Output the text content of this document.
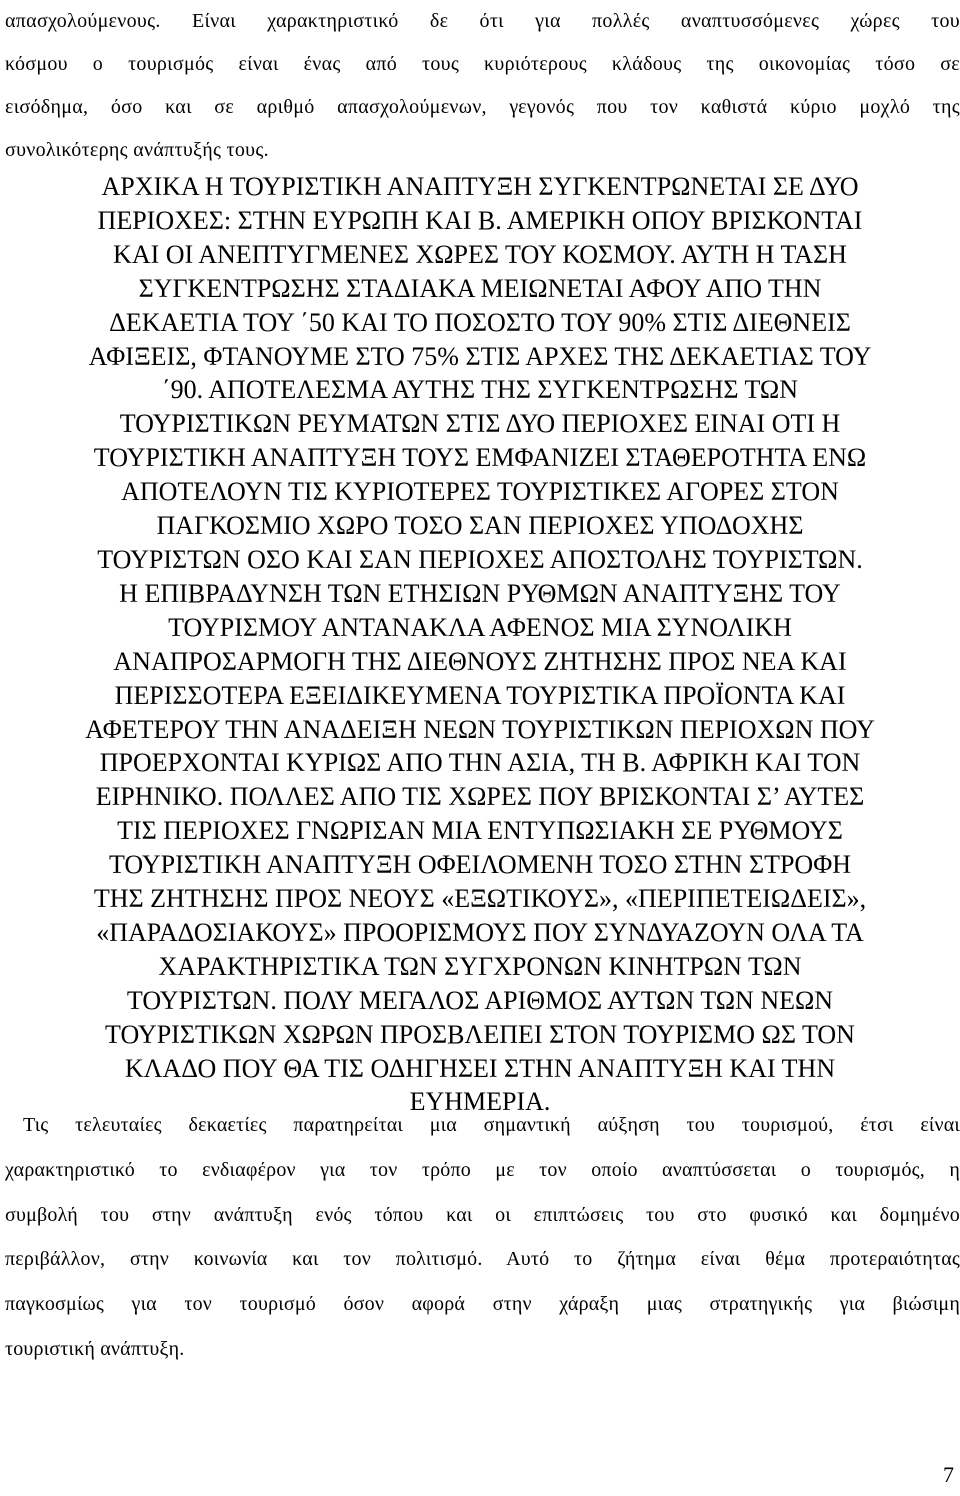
απασχολούμενους. Είναι χαρακτηριστικό δε ότι για πολλές αναπτυσσόμενες χώρες του
κόσμου ο τουρισμός είναι ένας από τους κυριότερους κλάδους της οικονομίας τόσο σε
εισόδημα, όσο και σε αριθμό απασχολούμενων, γεγονός που τον καθιστά κύριο μοχλό της
συνολικότερης ανάπτυξής τους.

ΑΡΧΙΚΑ Η ΤΟΥΡΙΣΤΙΚΗ ΑΝΑΠΤΥΞΗ ΣΥΓΚΕΝΤΡΩΝΕΤΑΙ ΣΕ ΔΥΟ
ΠΕΡΙΟΧΕΣ: ΣΤΗΝ ΕΥΡΩΠΗ ΚΑΙ Β. ΑΜΕΡΙΚΗ ΟΠΟΥ ΒΡΙΣΚΟΝΤΑΙ
ΚΑΙ ΟΙ ΑΝΕΠΤΥΓΜΕΝΕΣ ΧΩΡΕΣ ΤΟΥ ΚΟΣΜΟΥ. ΑΥΤΗ Η ΤΑΣΗ
ΣΥΓΚΕΝΤΡΩΣΗΣ ΣΤΑΔΙΑΚΑ ΜΕΙΩΝΕΤΑΙ ΑΦΟΥ ΑΠΟ ΤΗΝ
ΔΕΚΑΕΤΙΑ ΤΟΥ ΄50 ΚΑΙ ΤΟ ΠΟΣΟΣΤΟ ΤΟΥ 90% ΣΤΙΣ ΔΙΕΘΝΕΙΣ
ΑΦΙΞΕΙΣ, ΦΤΑΝΟΥΜΕ ΣΤΟ 75% ΣΤΙΣ ΑΡΧΕΣ ΤΗΣ ΔΕΚΑΕΤΙΑΣ ΤΟΥ
΄90. ΑΠΟΤΕΛΕΣΜΑ ΑΥΤΗΣ ΤΗΣ ΣΥΓΚΕΝΤΡΩΣΗΣ ΤΩΝ
ΤΟΥΡΙΣΤΙΚΩΝ ΡΕΥΜΑΤΩΝ ΣΤΙΣ ΔΥΟ ΠΕΡΙΟΧΕΣ ΕΙΝΑΙ ΟΤΙ Η
ΤΟΥΡΙΣΤΙΚΗ ΑΝΑΠΤΥΞΗ ΤΟΥΣ ΕΜΦΑΝΙΖΕΙ ΣΤΑΘΕΡΟΤΗΤΑ ΕΝΩ
ΑΠΟΤΕΛΟΥΝ ΤΙΣ ΚΥΡΙΟΤΕΡΕΣ ΤΟΥΡΙΣΤΙΚΕΣ ΑΓΟΡΕΣ ΣΤΟΝ
ΠΑΓΚΟΣΜΙΟ ΧΩΡΟ ΤΟΣΟ ΣΑΝ ΠΕΡΙΟΧΕΣ ΥΠΟΔΟΧΗΣ
ΤΟΥΡΙΣΤΩΝ ΟΣΟ ΚΑΙ ΣΑΝ ΠΕΡΙΟΧΕΣ ΑΠΟΣΤΟΛΗΣ ΤΟΥΡΙΣΤΩΝ.
Η ΕΠΙΒΡΑΔΥΝΣΗ ΤΩΝ ΕΤΗΣΙΩΝ ΡΥΘΜΩΝ ΑΝΑΠΤΥΞΗΣ ΤΟΥ
ΤΟΥΡΙΣΜΟΥ ΑΝΤΑΝΑΚΛΑ ΑΦΕΝΟΣ ΜΙΑ ΣΥΝΟΛΙΚΗ
ΑΝΑΠΡΟΣΑΡΜΟΓΗ ΤΗΣ ΔΙΕΘΝΟΥΣ ΖΗΤΗΣΗΣ ΠΡΟΣ ΝΕΑ ΚΑΙ
ΠΕΡΙΣΣΟΤΕΡΑ ΕΞΕΙΔΙΚΕΥΜΕΝΑ ΤΟΥΡΙΣΤΙΚΑ ΠΡΟΪΟΝΤΑ ΚΑΙ
ΑΦΕΤΕΡΟΥ ΤΗΝ ΑΝΑΔΕΙΞΗ ΝΕΩΝ ΤΟΥΡΙΣΤΙΚΩΝ ΠΕΡΙΟΧΩΝ ΠΟΥ
ΠΡΟΕΡΧΟΝΤΑΙ ΚΥΡΙΩΣ ΑΠΟ ΤΗΝ ΑΣΙΑ, ΤΗ Β. ΑΦΡΙΚΗ ΚΑΙ ΤΟΝ
ΕΙΡΗΝΙΚΟ. ΠΟΛΛΕΣ ΑΠΟ ΤΙΣ ΧΩΡΕΣ ΠΟΥ ΒΡΙΣΚΟΝΤΑΙ Σ’ ΑΥΤΕΣ
ΤΙΣ ΠΕΡΙΟΧΕΣ ΓΝΩΡΙΣΑΝ ΜΙΑ ΕΝΤΥΠΩΣΙΑΚΗ ΣΕ ΡΥΘΜΟΥΣ
ΤΟΥΡΙΣΤΙΚΗ ΑΝΑΠΤΥΞΗ ΟΦΕΙΛΟΜΕΝΗ ΤΟΣΟ ΣΤΗΝ ΣΤΡΟΦΗ
ΤΗΣ ΖΗΤΗΣΗΣ ΠΡΟΣ ΝΕΟΥΣ «ΕΞΩΤΙΚΟΥΣ», «ΠΕΡΙΠΕΤΕΙΩΔΕΙΣ»,
«ΠΑΡΑΔΟΣΙΑΚΟΥΣ» ΠΡΟΟΡΙΣΜΟΥΣ ΠΟΥ ΣΥΝΔΥΑΖΟΥΝ ΟΛΑ ΤΑ
ΧΑΡΑΚΤΗΡΙΣΤΙΚΑ ΤΩΝ ΣΥΓΧΡΟΝΩΝ ΚΙΝΗΤΡΩΝ ΤΩΝ
ΤΟΥΡΙΣΤΩΝ. ΠΟΛΥ ΜΕΓΑΛΟΣ ΑΡΙΘΜΟΣ ΑΥΤΩΝ ΤΩΝ ΝΕΩΝ
ΤΟΥΡΙΣΤΙΚΩΝ ΧΩΡΩΝ ΠΡΟΣΒΛΕΠΕΙ ΣΤΟΝ ΤΟΥΡΙΣΜΟ ΩΣ ΤΟΝ
ΚΛΑΔΟ ΠΟΥ ΘΑ ΤΙΣ ΟΔΗΓΗΣΕΙ ΣΤΗΝ ΑΝΑΠΤΥΞΗ ΚΑΙ ΤΗΝ
ΕΥΗΜΕΡΙΑ.

Τις τελευταίες δεκαετίες παρατηρείται μια σημαντική αύξηση του τουρισμού, έτσι είναι
χαρακτηριστικό το ενδιαφέρον για τον τρόπο με τον οποίο αναπτύσσεται ο τουρισμός, η
συμβολή του στην ανάπτυξη ενός τόπου και οι επιπτώσεις του στο φυσικό και δομημένο
περιβάλλον, στην κοινωνία και τον πολιτισμό. Αυτό το ζήτημα είναι θέμα προτεραιότητας
παγκοσμίως για τον τουρισμό όσον αφορά στην χάραξη μιας στρατηγικής για βιώσιμη
τουριστική ανάπτυξη.

7
